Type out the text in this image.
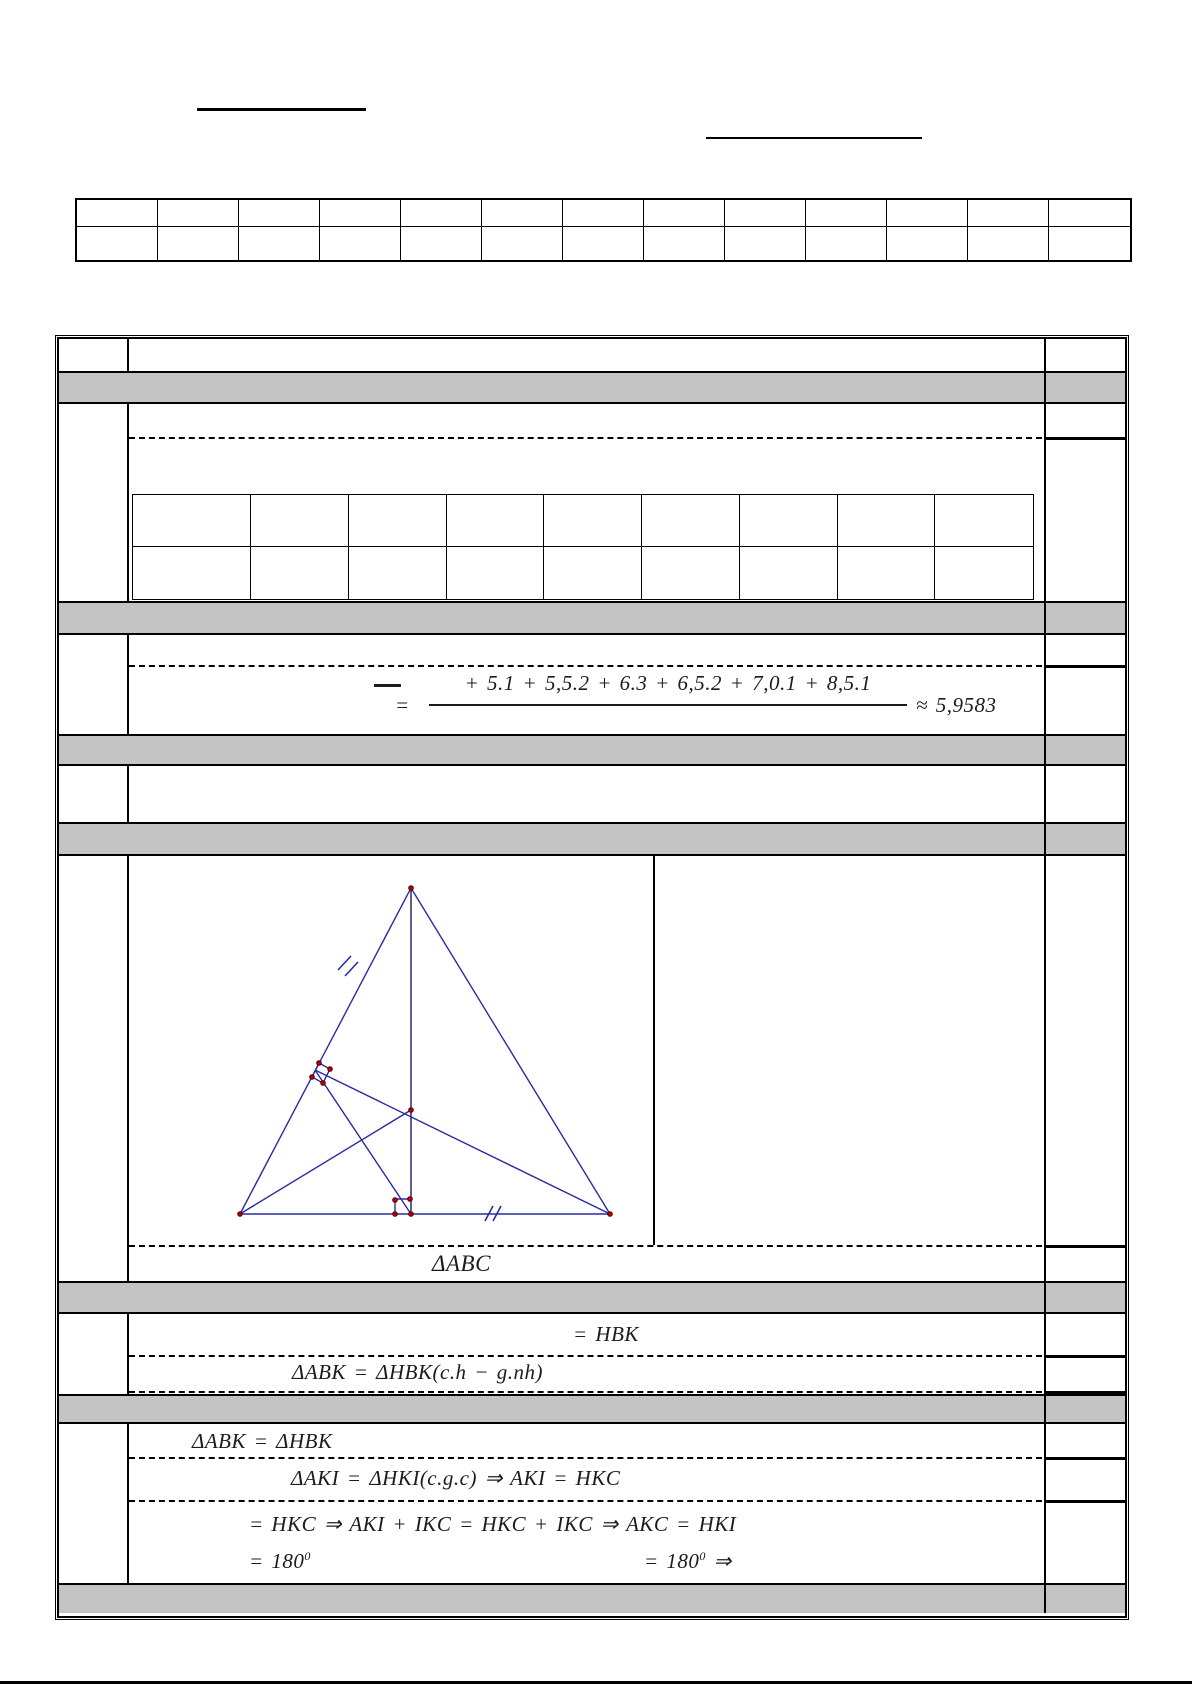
=
+ 5.1 + 5,5.2 + 6.3 + 6,5.2 + 7,0.1 + 8,5.1
≈ 5,9583
ΔABC
= HBK
ΔABK = ΔHBK(c.h − g.nh)
ΔABK = ΔHBK
ΔAKI = ΔHKI(c.g.c) ⇒ AKI = HKC
= HKC ⇒ AKI + IKC = HKC + IKC ⇒ AKC = HKI
= $180^0$	= $180^0$ ⇒
